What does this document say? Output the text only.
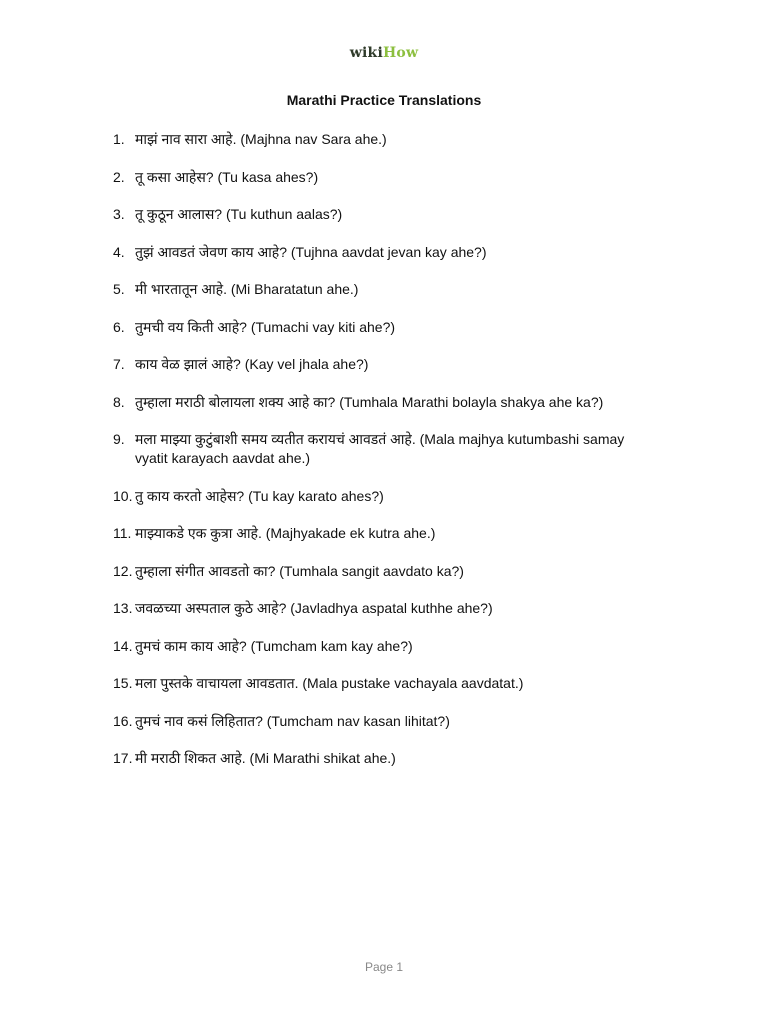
wikiHow
Marathi Practice Translations
1. माझं नाव सारा आहे. (Majhna nav Sara ahe.)
2. तू कसा आहेस? (Tu kasa ahes?)
3. तू कुठून आलास? (Tu kuthun aalas?)
4. तुझं आवडतं जेवण काय आहे? (Tujhna aavdat jevan kay ahe?)
5. मी भारतातून आहे. (Mi Bharatatun ahe.)
6. तुमची वय किती आहे? (Tumachi vay kiti ahe?)
7. काय वेळ झालं आहे? (Kay vel jhala ahe?)
8. तुम्हाला मराठी बोलायला शक्य आहे का? (Tumhala Marathi bolayla shakya ahe ka?)
9. मला माझ्या कुटुंबाशी समय व्यतीत करायचं आवडतं आहे. (Mala majhya kutumbashi samay vyatit karayach aavdat ahe.)
10. तु काय करतो आहेस? (Tu kay karato ahes?)
11. माझ्याकडे एक कुत्रा आहे. (Majhyakade ek kutra ahe.)
12. तुम्हाला संगीत आवडतो का? (Tumhala sangit aavdato ka?)
13. जवळच्या अस्पताल कुठे आहे? (Javladhya aspatal kuthhe ahe?)
14. तुमचं काम काय आहे? (Tumcham kam kay ahe?)
15. मला पुस्तके वाचायला आवडतात. (Mala pustake vachayala aavdatat.)
16. तुमचं नाव कसं लिहितात? (Tumcham nav kasan lihitat?)
17. मी मराठी शिकत आहे. (Mi Marathi shikat ahe.)
Page 1
